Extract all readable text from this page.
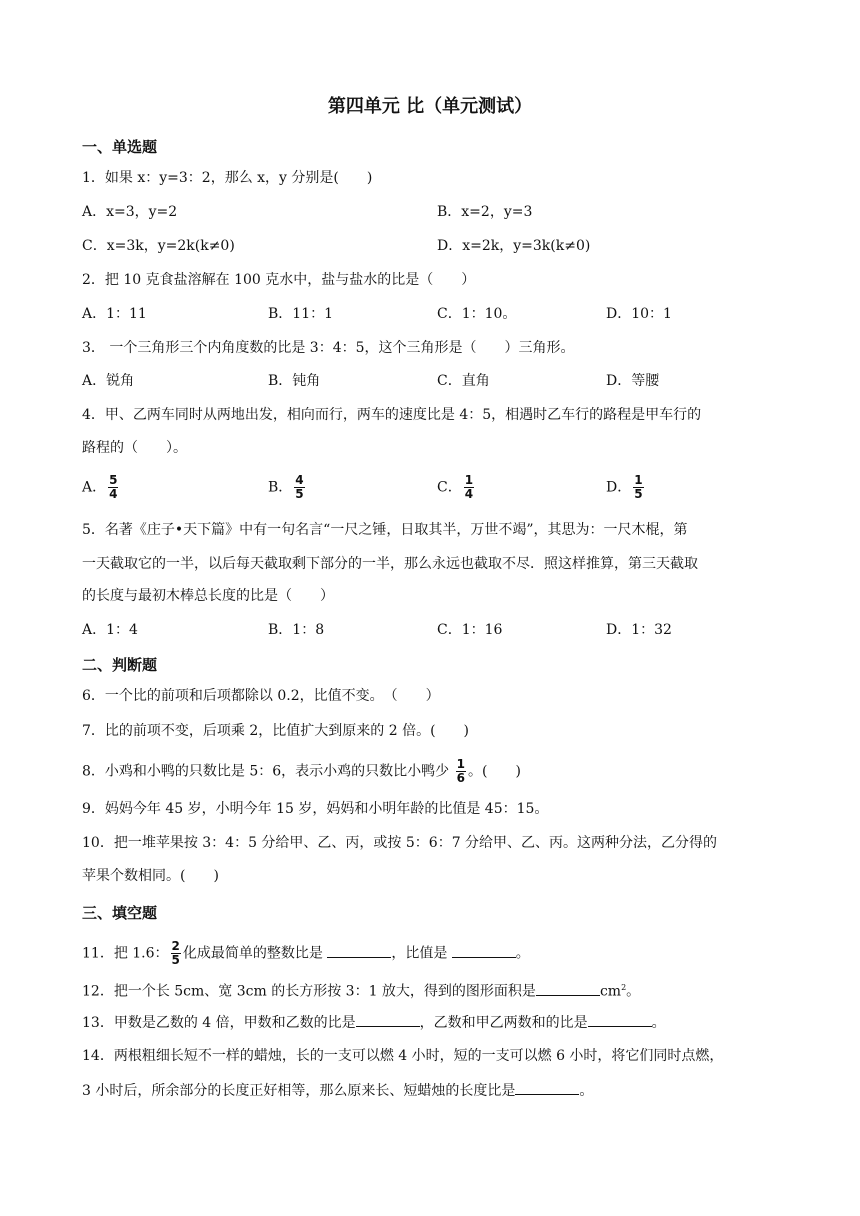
第四单元 比（单元测试）
一、单选题
1．如果 x：y=3：2，那么 x，y 分别是(　　)
A．x=3，y=2	B．x=2，y=3
C．x=3k，y=2k(k≠0)	D．x=2k，y=3k(k≠0)
2．把 10 克食盐溶解在 100 克水中，盐与盐水的比是（　　）
A．1：11	B．11：1	C．1：10。	D．10：1
3． 一个三角形三个内角度数的比是 3：4：5，这个三角形是（　　）三角形。
A．锐角	B．钝角	C．直角	D．等腰
4．甲、乙两车同时从两地出发，相向而行，两车的速度比是 4：5，相遇时乙车行的路程是甲车行的
路程的（　　）。
A． $\frac{5}{4}$	B． $\frac{4}{5}$	C． $\frac{1}{4}$	D． $\frac{1}{5}$
5．名著《庄子•天下篇》中有一句名言“一尺之锤，日取其半，万世不竭”，其思为：一尺木棍，第
一天截取它的一半，以后每天截取剩下部分的一半，那么永远也截取不尽．照这样推算，第三天截取
的长度与最初木棒总长度的比是（　　）
A．1：4	B．1：8	C．1：16	D．1：32
二、判断题
6．一个比的前项和后项都除以 0.2，比值不变。　（　　）
7．比的前项不变，后项乘 2，比值扩大到原来的 2 倍。(　　)
8．小鸡和小鸭的只数比是 5：6，表示小鸡的只数比小鸭少 $\frac{1}{6}$ 。(　　)
9．妈妈今年 45 岁，小明今年 15 岁，妈妈和小明年龄的比值是 45：15。
10．把一堆苹果按 3：4：5 分给甲、乙、丙，或按 5：6：7 分给甲、乙、丙。这两种分法，乙分得的
苹果个数相同。(　　)
三、填空题
11．把 1.6： $\frac{2}{5}$ 化成最简单的整数比是	，比值是	。
12．把一个长 5cm、宽 3cm 的长方形按 3：1 放大，得到的图形面积是	$cm^2$。
13．甲数是乙数的 4 倍，甲数和乙数的比是	，乙数和甲乙两数和的比是	。
14．两根粗细长短不一样的蜡烛，长的一支可以燃 4 小时，短的一支可以燃 6 小时，将它们同时点燃，
3 小时后，所余部分的长度正好相等，那么原来长、短蜡烛的长度比是	。
